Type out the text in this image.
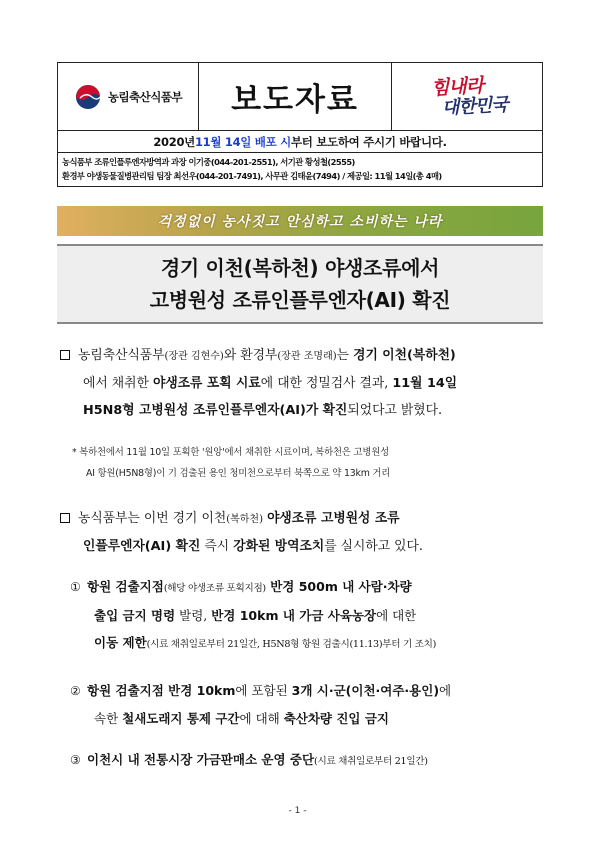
농림축산식품부	보도자료	힘내라
대한민국
2020년 11월 14일 배포 시 부터 보도하여 주시기 바랍니다.
농식품부 조류인플루엔자방역과 과장 이기중(044-201-2551), 서기관 황성철(2555)
환경부 야생동물질병관리팀 팀장 최선우(044-201-7491), 사무관 김태윤(7494) / 제공일: 11월 14일(총 4매)
걱정없이 농사짓고 안심하고 소비하는 나라
경기 이천(복하천) 야생조류에서
고병원성 조류인플루엔자(AI) 확진
농림축산식품부(장관 김현수)와 환경부(장관 조명래)는 경기 이천(복하천)
에서 채취한 야생조류 포획 시료에 대한 정밀검사 결과, 11월 14일
H5N8형 고병원성 조류인플루엔자(AI)가 확진되었다고 밝혔다.
* 복하천에서 11월 10일 포획한 '원앙'에서 채취한 시료이며, 복하천은 고병원성
AI 항원(H5N8형)이 기 검출된 용인 청미천으로부터 북쪽으로 약 13km 거리
농식품부는 이번 경기 이천(복하천) 야생조류 고병원성 조류
인플루엔자(AI) 확진 즉시 강화된 방역조치를 실시하고 있다.
① 항원 검출지점(해당 야생조류 포획지점) 반경 500m 내 사람·차량
출입 금지 명령 발령, 반경 10km 내 가금 사육농장에 대한
이동 제한(시료 채취일로부터 21일간, H5N8형 항원 검출시(11.13)부터 기 조치)
② 항원 검출지점 반경 10km에 포함된 3개 시·군(이천·여주·용인)에
속한 철새도래지 통제 구간에 대해 축산차량 진입 금지
③ 이천시 내 전통시장 가금판매소 운영 중단(시료 채취일로부터 21일간)
- 1 -
